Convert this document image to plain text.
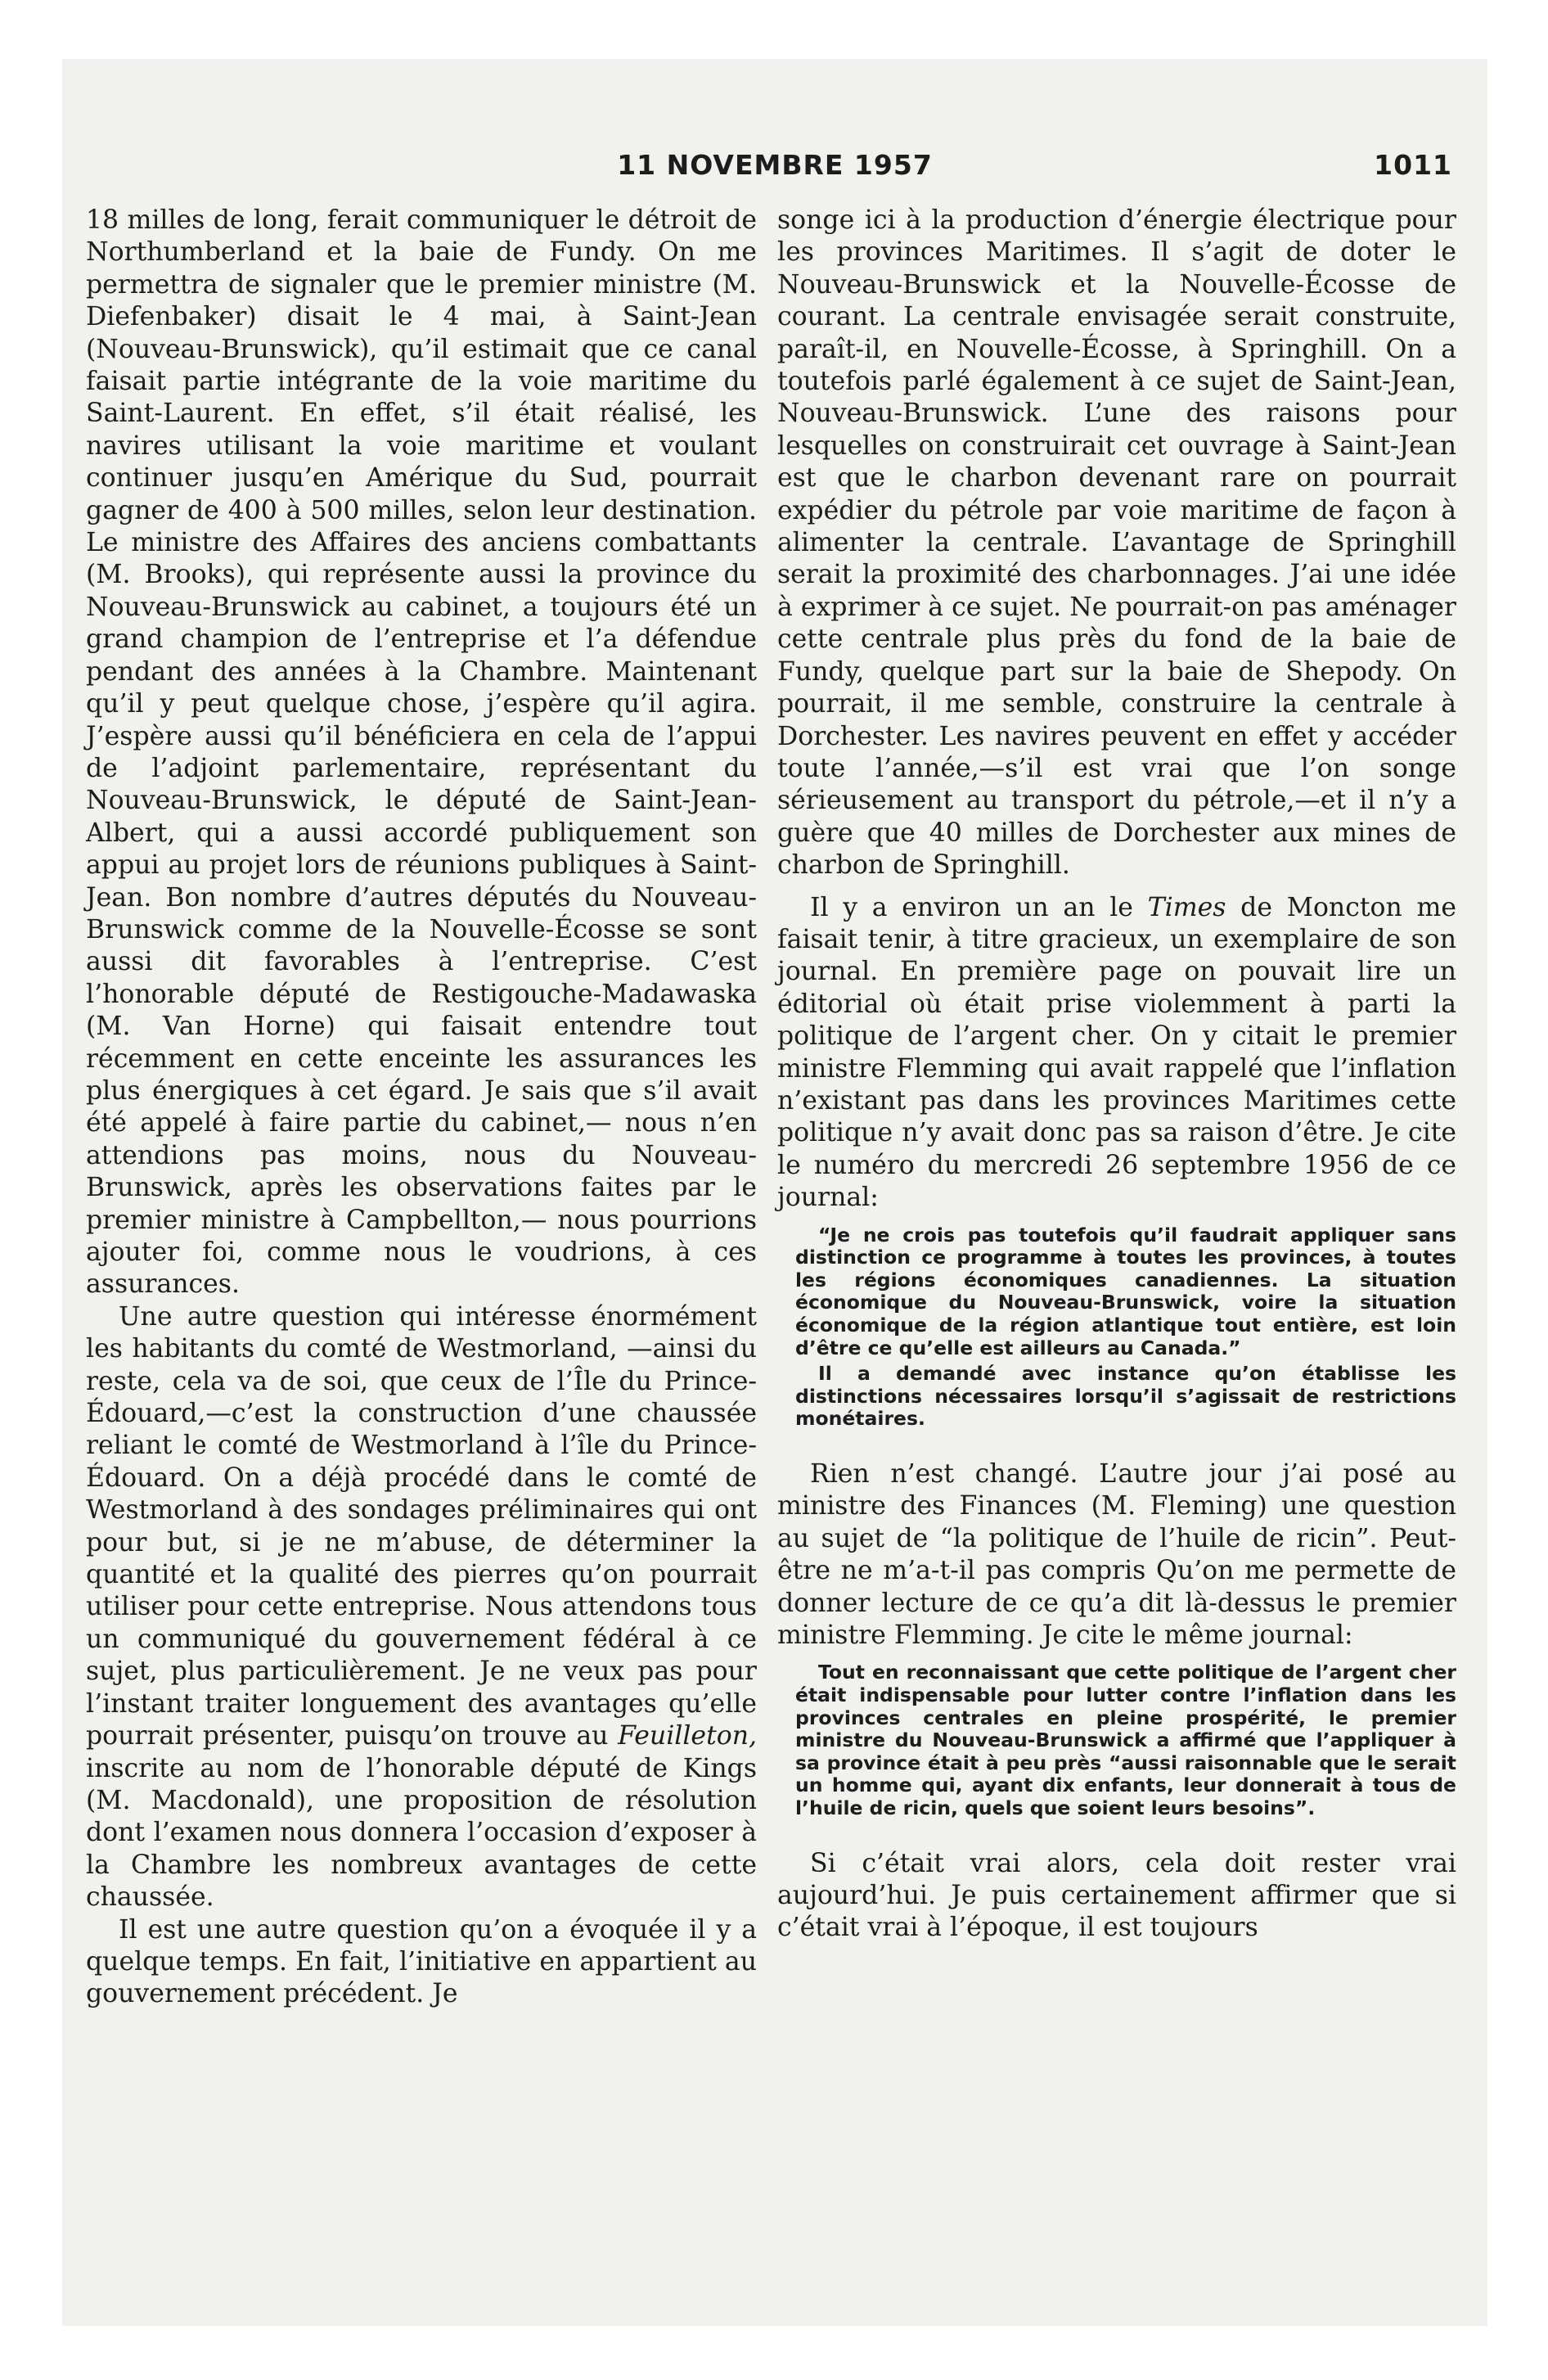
11 NOVEMBRE 1957	1011

18 milles de long, ferait communiquer le détroit de Northumberland et la baie de Fundy. On me permettra de signaler que le premier ministre (M. Diefenbaker) disait le 4 mai, à Saint-Jean (Nouveau-Brunswick), qu’il estimait que ce canal faisait partie intégrante de la voie maritime du Saint-Laurent. En effet, s’il était réalisé, les navires utilisant la voie maritime et voulant continuer jusqu’en Amérique du Sud, pourrait gagner de 400 à 500 milles, selon leur destination. Le ministre des Affaires des anciens combattants (M. Brooks), qui représente aussi la province du Nouveau-Brunswick au cabinet, a toujours été un grand champion de l’entreprise et l’a défendue pendant des années à la Chambre. Maintenant qu’il y peut quelque chose, j’espère qu’il agira. J’espère aussi qu’il bénéficiera en cela de l’appui de l’adjoint parlementaire, représentant du Nouveau-Brunswick, le député de Saint-Jean-Albert, qui a aussi accordé publiquement son appui au projet lors de réunions publiques à Saint-Jean. Bon nombre d’autres députés du Nouveau-Brunswick comme de la Nouvelle-Écosse se sont aussi dit favorables à l’entreprise. C’est l’honorable député de Restigouche-Madawaska (M. Van Horne) qui faisait entendre tout récemment en cette enceinte les assurances les plus énergiques à cet égard. Je sais que s’il avait été appelé à faire partie du cabinet,— nous n’en attendions pas moins, nous du Nouveau-Brunswick, après les observations faites par le premier ministre à Campbellton,— nous pourrions ajouter foi, comme nous le voudrions, à ces assurances.

Une autre question qui intéresse énormément les habitants du comté de Westmorland, —ainsi du reste, cela va de soi, que ceux de l’Île du Prince-Édouard,—c’est la construction d’une chaussée reliant le comté de Westmorland à l’île du Prince-Édouard. On a déjà procédé dans le comté de Westmorland à des sondages préliminaires qui ont pour but, si je ne m’abuse, de déterminer la quantité et la qualité des pierres qu’on pourrait utiliser pour cette entreprise. Nous attendons tous un communiqué du gouvernement fédéral à ce sujet, plus particulièrement. Je ne veux pas pour l’instant traiter longuement des avantages qu’elle pourrait présenter, puisqu’on trouve au Feuilleton, inscrite au nom de l’honorable député de Kings (M. Macdonald), une proposition de résolution dont l’examen nous donnera l’occasion d’exposer à la Chambre les nombreux avantages de cette chaussée.

Il est une autre question qu’on a évoquée il y a quelque temps. En fait, l’initiative en appartient au gouvernement précédent. Je

songe ici à la production d’énergie électrique pour les provinces Maritimes. Il s’agit de doter le Nouveau-Brunswick et la Nouvelle-Écosse de courant. La centrale envisagée serait construite, paraît-il, en Nouvelle-Écosse, à Springhill. On a toutefois parlé également à ce sujet de Saint-Jean, Nouveau-Brunswick. L’une des raisons pour lesquelles on construirait cet ouvrage à Saint-Jean est que le charbon devenant rare on pourrait expédier du pétrole par voie maritime de façon à alimenter la centrale. L’avantage de Springhill serait la proximité des charbonnages. J’ai une idée à exprimer à ce sujet. Ne pourrait-on pas aménager cette centrale plus près du fond de la baie de Fundy, quelque part sur la baie de Shepody. On pourrait, il me semble, construire la centrale à Dorchester. Les navires peuvent en effet y accéder toute l’année,—s’il est vrai que l’on songe sérieusement au transport du pétrole,—et il n’y a guère que 40 milles de Dorchester aux mines de charbon de Springhill.

Il y a environ un an le Times de Moncton me faisait tenir, à titre gracieux, un exemplaire de son journal. En première page on pouvait lire un éditorial où était prise violemment à parti la politique de l’argent cher. On y citait le premier ministre Flemming qui avait rappelé que l’inflation n’existant pas dans les provinces Maritimes cette politique n’y avait donc pas sa raison d’être. Je cite le numéro du mercredi 26 septembre 1956 de ce journal:

“Je ne crois pas toutefois qu’il faudrait appliquer sans distinction ce programme à toutes les provinces, à toutes les régions économiques canadiennes. La situation économique du Nouveau-Brunswick, voire la situation économique de la région atlantique tout entière, est loin d’être ce qu’elle est ailleurs au Canada.”
Il a demandé avec instance qu’on établisse les distinctions nécessaires lorsqu’il s’agissait de restrictions monétaires.

Rien n’est changé. L’autre jour j’ai posé au ministre des Finances (M. Fleming) une question au sujet de “la politique de l’huile de ricin”. Peut-être ne m’a-t-il pas compris Qu’on me permette de donner lecture de ce qu’a dit là-dessus le premier ministre Flemming. Je cite le même journal:

Tout en reconnaissant que cette politique de l’argent cher était indispensable pour lutter contre l’inflation dans les provinces centrales en pleine prospérité, le premier ministre du Nouveau-Brunswick a affirmé que l’appliquer à sa province était à peu près “aussi raisonnable que le serait un homme qui, ayant dix enfants, leur donnerait à tous de l’huile de ricin, quels que soient leurs besoins”.

Si c’était vrai alors, cela doit rester vrai aujourd’hui. Je puis certainement affirmer que si c’était vrai à l’époque, il est toujours
